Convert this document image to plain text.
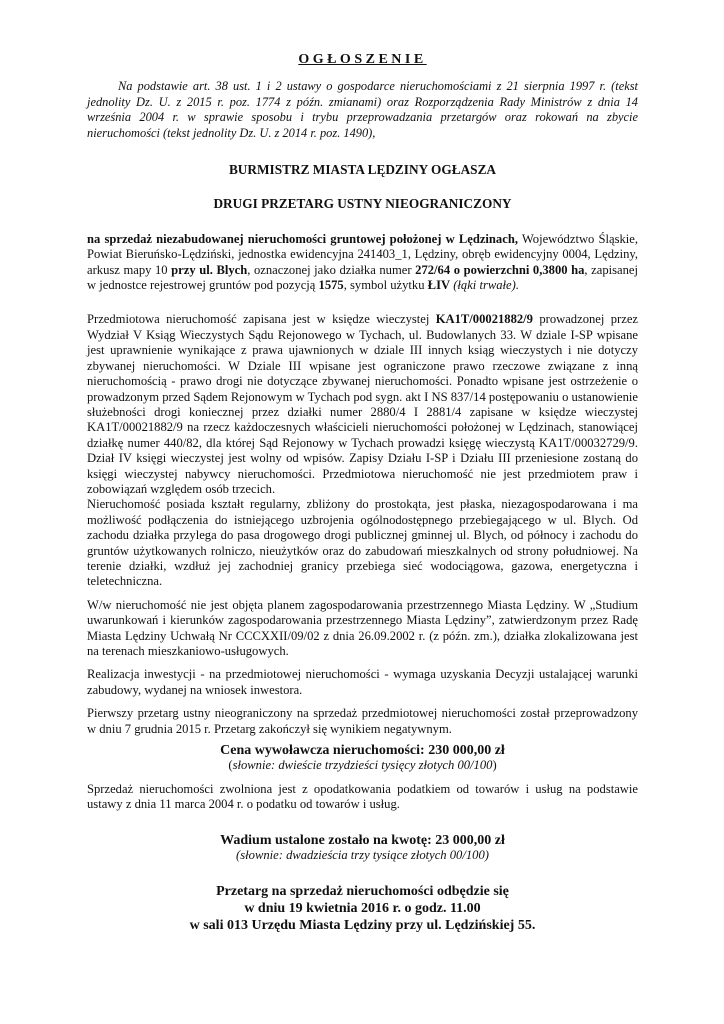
OGŁOSZENIE

Na podstawie art. 38 ust. 1 i 2 ustawy o gospodarce nieruchomościami z 21 sierpnia 1997 r. (tekst jednolity Dz. U. z 2015 r. poz. 1774 z późn. zmianami) oraz Rozporządzenia Rady Ministrów z dnia 14 września 2004 r. w sprawie sposobu i trybu przeprowadzania przetargów oraz rokowań na zbycie nieruchomości (tekst jednolity Dz. U. z 2014 r. poz. 1490),

BURMISTRZ MIASTA LĘDZINY OGŁASZA

DRUGI PRZETARG USTNY NIEOGRANICZONY

na sprzedaż niezabudowanej nieruchomości gruntowej położonej w Lędzinach, Województwo Śląskie, Powiat Bieruńsko-Lędziński, jednostka ewidencyjna 241403_1, Lędziny, obręb ewidencyjny 0004, Lędziny, arkusz mapy 10 przy ul. Blych, oznaczonej jako działka numer 272/64 o powierzchni 0,3800 ha, zapisanej w jednostce rejestrowej gruntów pod pozycją 1575, symbol użytku ŁIV (łąki trwałe).

Przedmiotowa nieruchomość zapisana jest w księdze wieczystej KA1T/00021882/9 prowadzonej przez Wydział V Ksiąg Wieczystych Sądu Rejonowego w Tychach, ul. Budowlanych 33. W dziale I-SP wpisane jest uprawnienie wynikające z prawa ujawnionych w dziale III innych ksiąg wieczystych i nie dotyczy zbywanej nieruchomości. W Dziale III wpisane jest ograniczone prawo rzeczowe związane z inną nieruchomością - prawo drogi nie dotyczące zbywanej nieruchomości. Ponadto wpisane jest ostrzeżenie o prowadzonym przed Sądem Rejonowym w Tychach pod sygn. akt I NS 837/14 postępowaniu o ustanowienie służebności drogi koniecznej przez działki numer 2880/4 I 2881/4 zapisane w księdze wieczystej KA1T/00021882/9 na rzecz każdoczesnych właścicieli nieruchomości położonej w Lędzinach, stanowiącej działkę numer 440/82, dla której Sąd Rejonowy w Tychach prowadzi księgę wieczystą KA1T/00032729/9. Dział IV księgi wieczystej jest wolny od wpisów. Zapisy Działu I-SP i Działu III przeniesione zostaną do księgi wieczystej nabywcy nieruchomości. Przedmiotowa nieruchomość nie jest przedmiotem praw i zobowiązań względem osób trzecich.

Nieruchomość posiada kształt regularny, zbliżony do prostokąta, jest płaska, niezagospodarowana i ma możliwość podłączenia do istniejącego uzbrojenia ogólnodostępnego przebiegającego w ul. Blych. Od zachodu działka przylega do pasa drogowego drogi publicznej gminnej ul. Blych, od północy i zachodu do gruntów użytkowanych rolniczo, nieużytków oraz do zabudowań mieszkalnych od strony południowej. Na terenie działki, wzdłuż jej zachodniej granicy przebiega sieć wodociągowa, gazowa, energetyczna i teletechniczna.

W/w nieruchomość nie jest objęta planem zagospodarowania przestrzennego Miasta Lędziny. W „Studium uwarunkowań i kierunków zagospodarowania przestrzennego Miasta Lędziny”, zatwierdzonym przez Radę Miasta Lędziny Uchwałą Nr CCCXXII/09/02 z dnia 26.09.2002 r. (z późn. zm.), działka zlokalizowana jest na terenach mieszkaniowo-usługowych.

Realizacja inwestycji - na przedmiotowej nieruchomości - wymaga uzyskania Decyzji ustalającej warunki zabudowy, wydanej na wniosek inwestora.

Pierwszy przetarg ustny nieograniczony na sprzedaż przedmiotowej nieruchomości został przeprowadzony w dniu 7 grudnia 2015 r. Przetarg zakończył się wynikiem negatywnym.

Cena wywoławcza nieruchomości: 230 000,00 zł

(słownie: dwieście trzydzieści tysięcy złotych 00/100)

Sprzedaż nieruchomości zwolniona jest z opodatkowania podatkiem od towarów i usług na podstawie ustawy z dnia 11 marca 2004 r. o podatku od towarów i usług.

Wadium ustalone zostało na kwotę: 23 000,00 zł

(słownie: dwadzieścia trzy tysiące złotych 00/100)

Przetarg na sprzedaż nieruchomości odbędzie się
w dniu 19 kwietnia 2016 r. o godz. 11.00
w sali 013 Urzędu Miasta Lędziny przy ul. Lędzińskiej 55.
